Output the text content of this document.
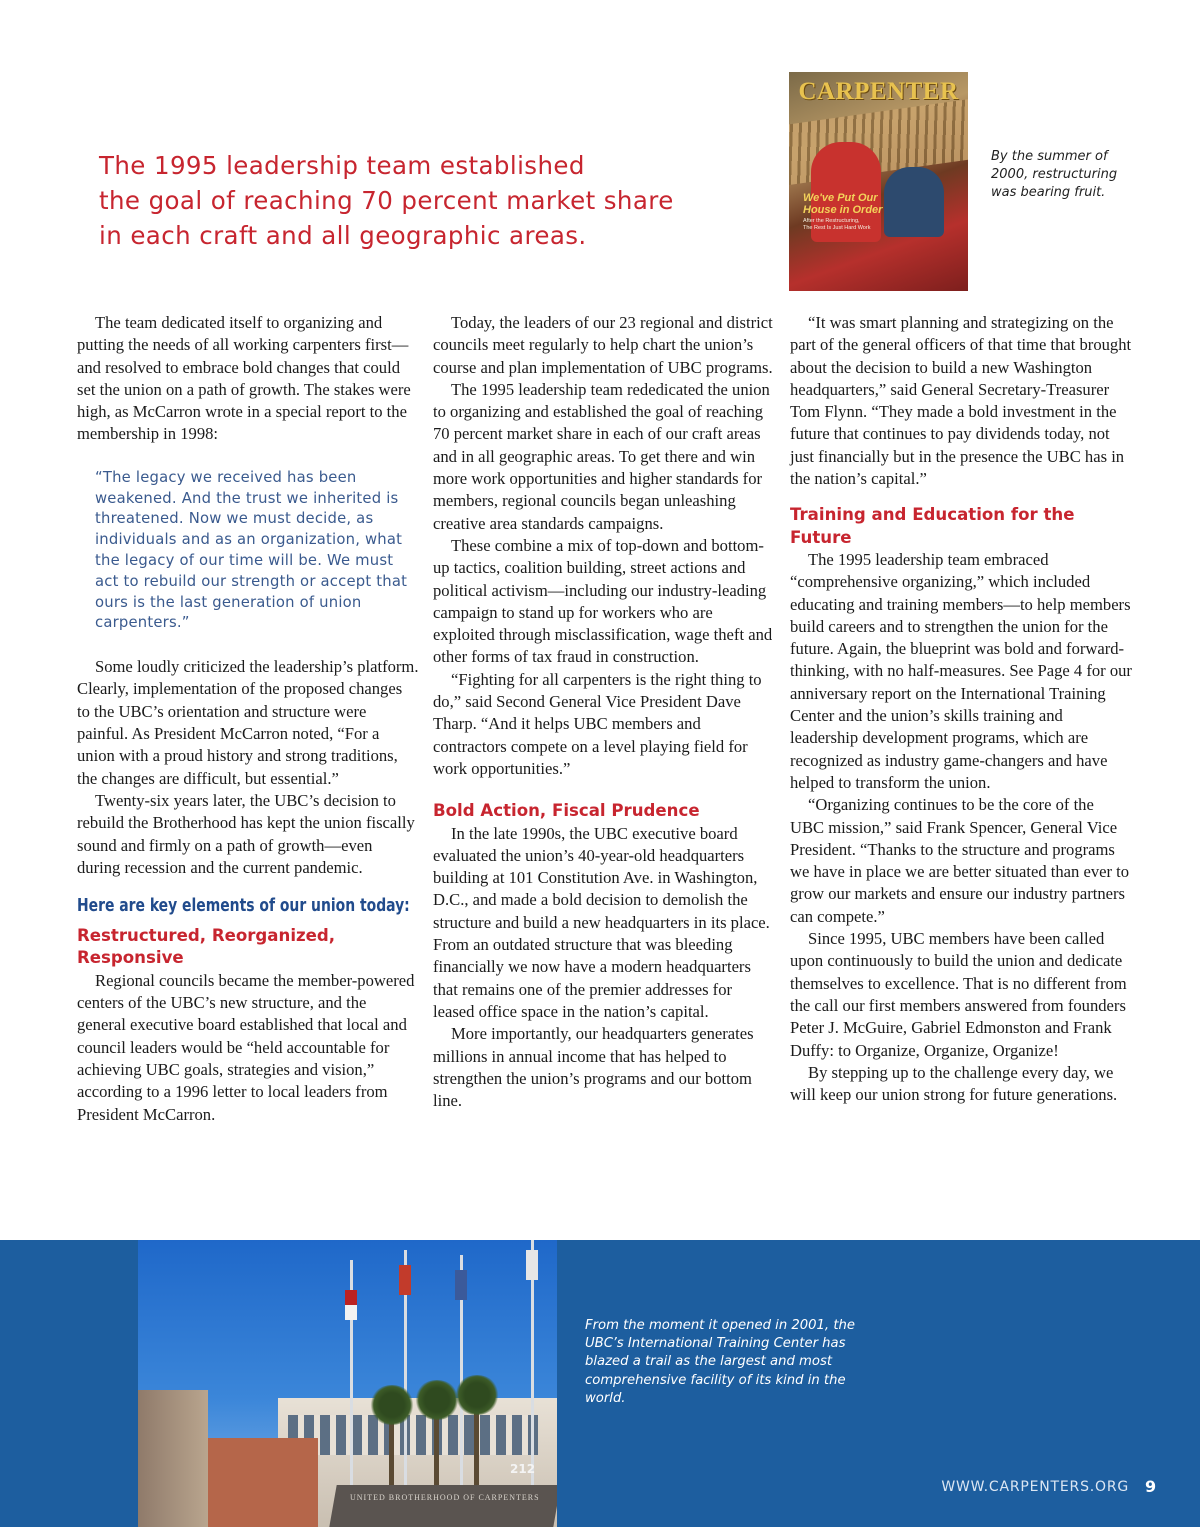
The 1995 leadership team established
the goal of reaching 70 percent market share
in each craft and all geographic areas.
CARPENTER
We've Put Our
House in Order
After the Restructuring,
The Rest Is Just Hard Work
By the summer of 2000, restructuring was bearing fruit.

The team dedicated itself to organizing and putting the needs of all working carpenters first—and resolved to embrace bold changes that could set the union on a path of growth. The stakes were high, as McCarron wrote in a special report to the membership in 1998:

“The legacy we received has been weakened. And the trust we inherited is threatened. Now we must decide, as individuals and as an organization, what the legacy of our time will be. We must act to rebuild our strength or accept that ours is the last generation of union carpenters.”

Some loudly criticized the leadership’s platform. Clearly, implementation of the proposed changes to the UBC’s orientation and structure were painful. As President McCarron noted, “For a union with a proud history and strong traditions, the changes are difficult, but essential.”

Twenty-six years later, the UBC’s decision to rebuild the Brotherhood has kept the union fiscally sound and firmly on a path of growth—even during recession and the current pandemic.

Here are key elements of our union today:
Restructured, Reorganized, Responsive

Regional councils became the member-powered centers of the UBC’s new structure, and the general executive board established that local and council leaders would be “held accountable for achieving UBC goals, strategies and vision,” according to a 1996 letter to local leaders from President McCarron.

Today, the leaders of our 23 regional and district councils meet regularly to help chart the union’s course and plan implementation of UBC programs.

The 1995 leadership team rededicated the union to organizing and established the goal of reaching 70 percent market share in each of our craft areas and in all geographic areas. To get there and win more work opportunities and higher standards for members, regional councils began unleashing creative area standards campaigns.

These combine a mix of top-down and bottom-up tactics, coalition building, street actions and political activism—including our industry-leading campaign to stand up for workers who are exploited through misclassification, wage theft and other forms of tax fraud in construction.

“Fighting for all carpenters is the right thing to do,” said Second General Vice President Dave Tharp. “And it helps UBC members and contractors compete on a level playing field for work opportunities.”

Bold Action, Fiscal Prudence

In the late 1990s, the UBC executive board evaluated the union’s 40-year-old headquarters building at 101 Constitution Ave. in Washington, D.C., and made a bold decision to demolish the structure and build a new headquarters in its place. From an outdated structure that was bleeding financially we now have a modern headquarters that remains one of the premier addresses for leased office space in the nation’s capital.

More importantly, our headquarters generates millions in annual income that has helped to strengthen the union’s programs and our bottom line.

“It was smart planning and strategizing on the part of the general officers of that time that brought about the decision to build a new Washington headquarters,” said General Secretary-Treasurer Tom Flynn. “They made a bold investment in the future that continues to pay dividends today, not just financially but in the presence the UBC has in the nation’s capital.”

Training and Education for the Future

The 1995 leadership team embraced “comprehensive organizing,” which included educating and training members—to help members build careers and to strengthen the union for the future. Again, the blueprint was bold and forward-thinking, with no half-measures. See Page 4 for our anniversary report on the International Training Center and the union’s skills training and leadership development programs, which are recognized as industry game-changers and have helped to transform the union.

“Organizing continues to be the core of the UBC mission,” said Frank Spencer, General Vice President. “Thanks to the structure and programs we have in place we are better situated than ever to grow our markets and ensure our industry partners can compete.”

Since 1995, UBC members have been called upon continuously to build the union and dedicate themselves to excellence. That is no different from the call our first members answered from founders Peter J. McGuire, Gabriel Edmonston and Frank Duffy: to Organize, Organize, Organize!

By stepping up to the challenge every day, we will keep our union strong for future generations.

UNITED BROTHERHOOD OF CARPENTERS
212
From the moment it opened in 2001, the UBC’s International Training Center has blazed a trail as the largest and most comprehensive facility of its kind in the world.
WWW.CARPENTERS.ORG 9
